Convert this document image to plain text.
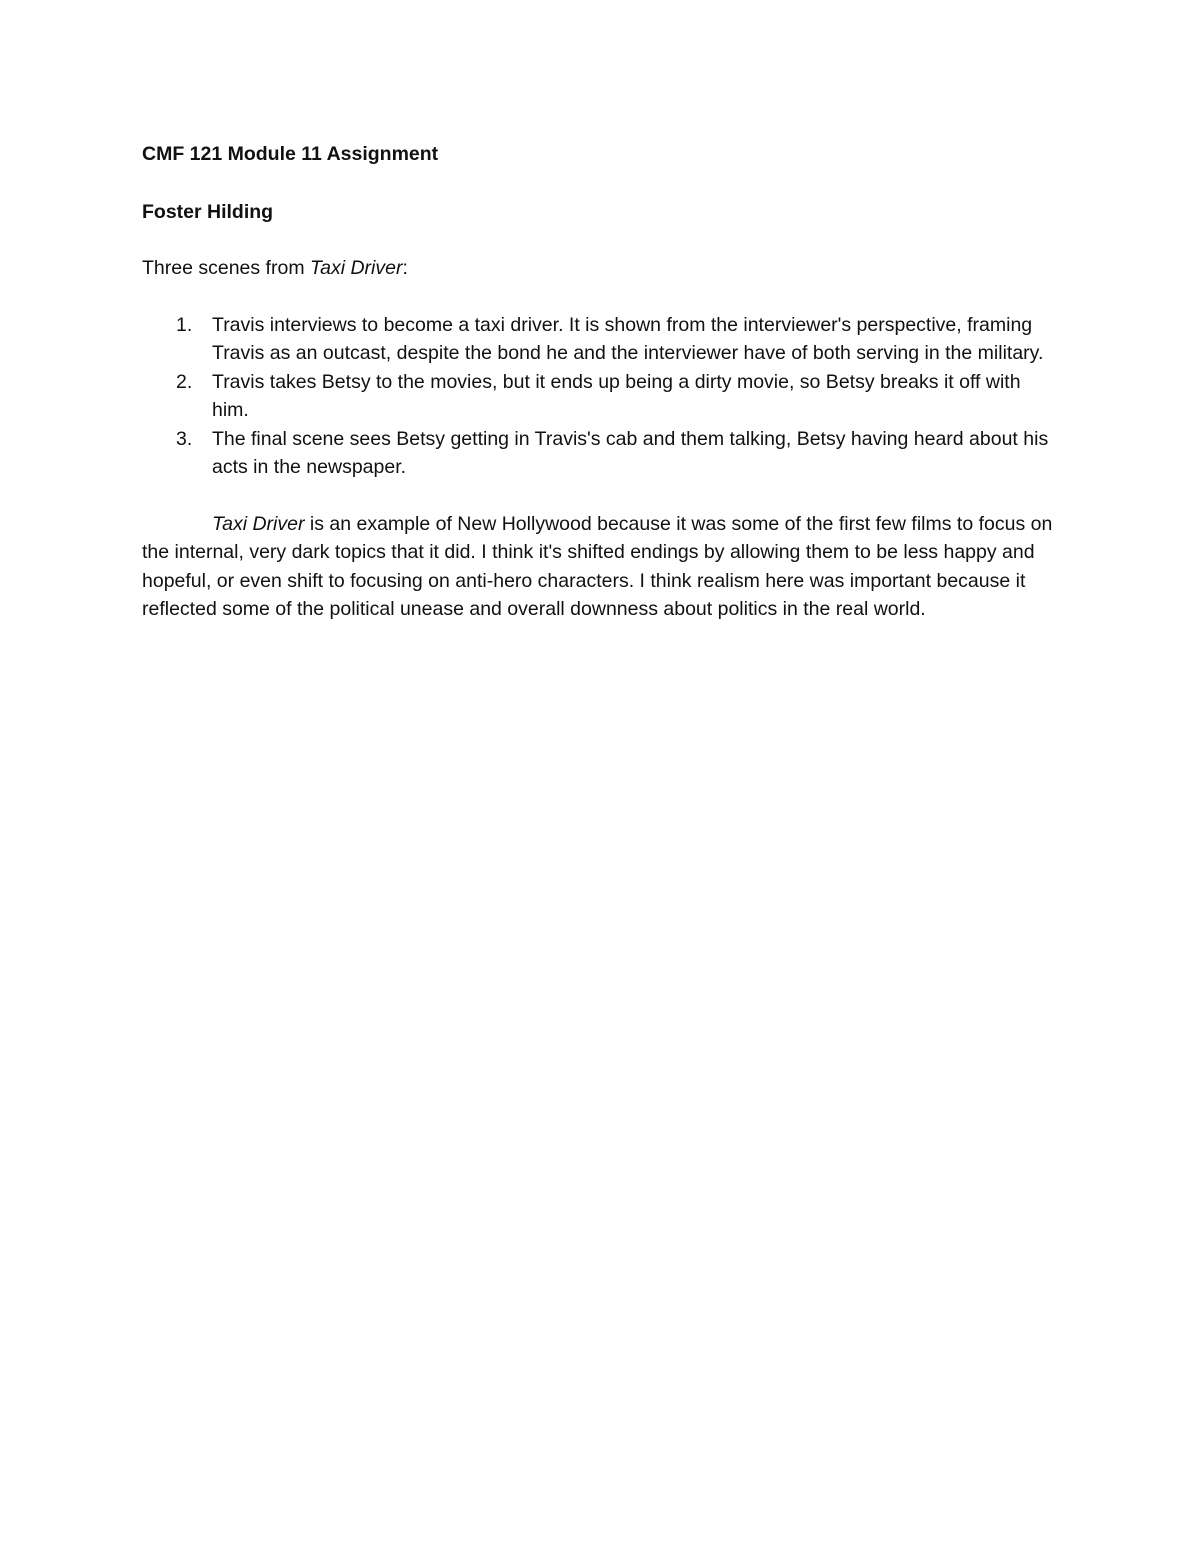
CMF 121 Module 11 Assignment

Foster Hilding

Three scenes from Taxi Driver:

1. Travis interviews to become a taxi driver. It is shown from the interviewer's perspective, framing Travis as an outcast, despite the bond he and the interviewer have of both serving in the military.
2. Travis takes Betsy to the movies, but it ends up being a dirty movie, so Betsy breaks it off with him.
3. The final scene sees Betsy getting in Travis's cab and them talking, Betsy having heard about his acts in the newspaper.

Taxi Driver is an example of New Hollywood because it was some of the first few films to focus on the internal, very dark topics that it did. I think it's shifted endings by allowing them to be less happy and hopeful, or even shift to focusing on anti-hero characters. I think realism here was important because it reflected some of the political unease and overall downness about politics in the real world.
